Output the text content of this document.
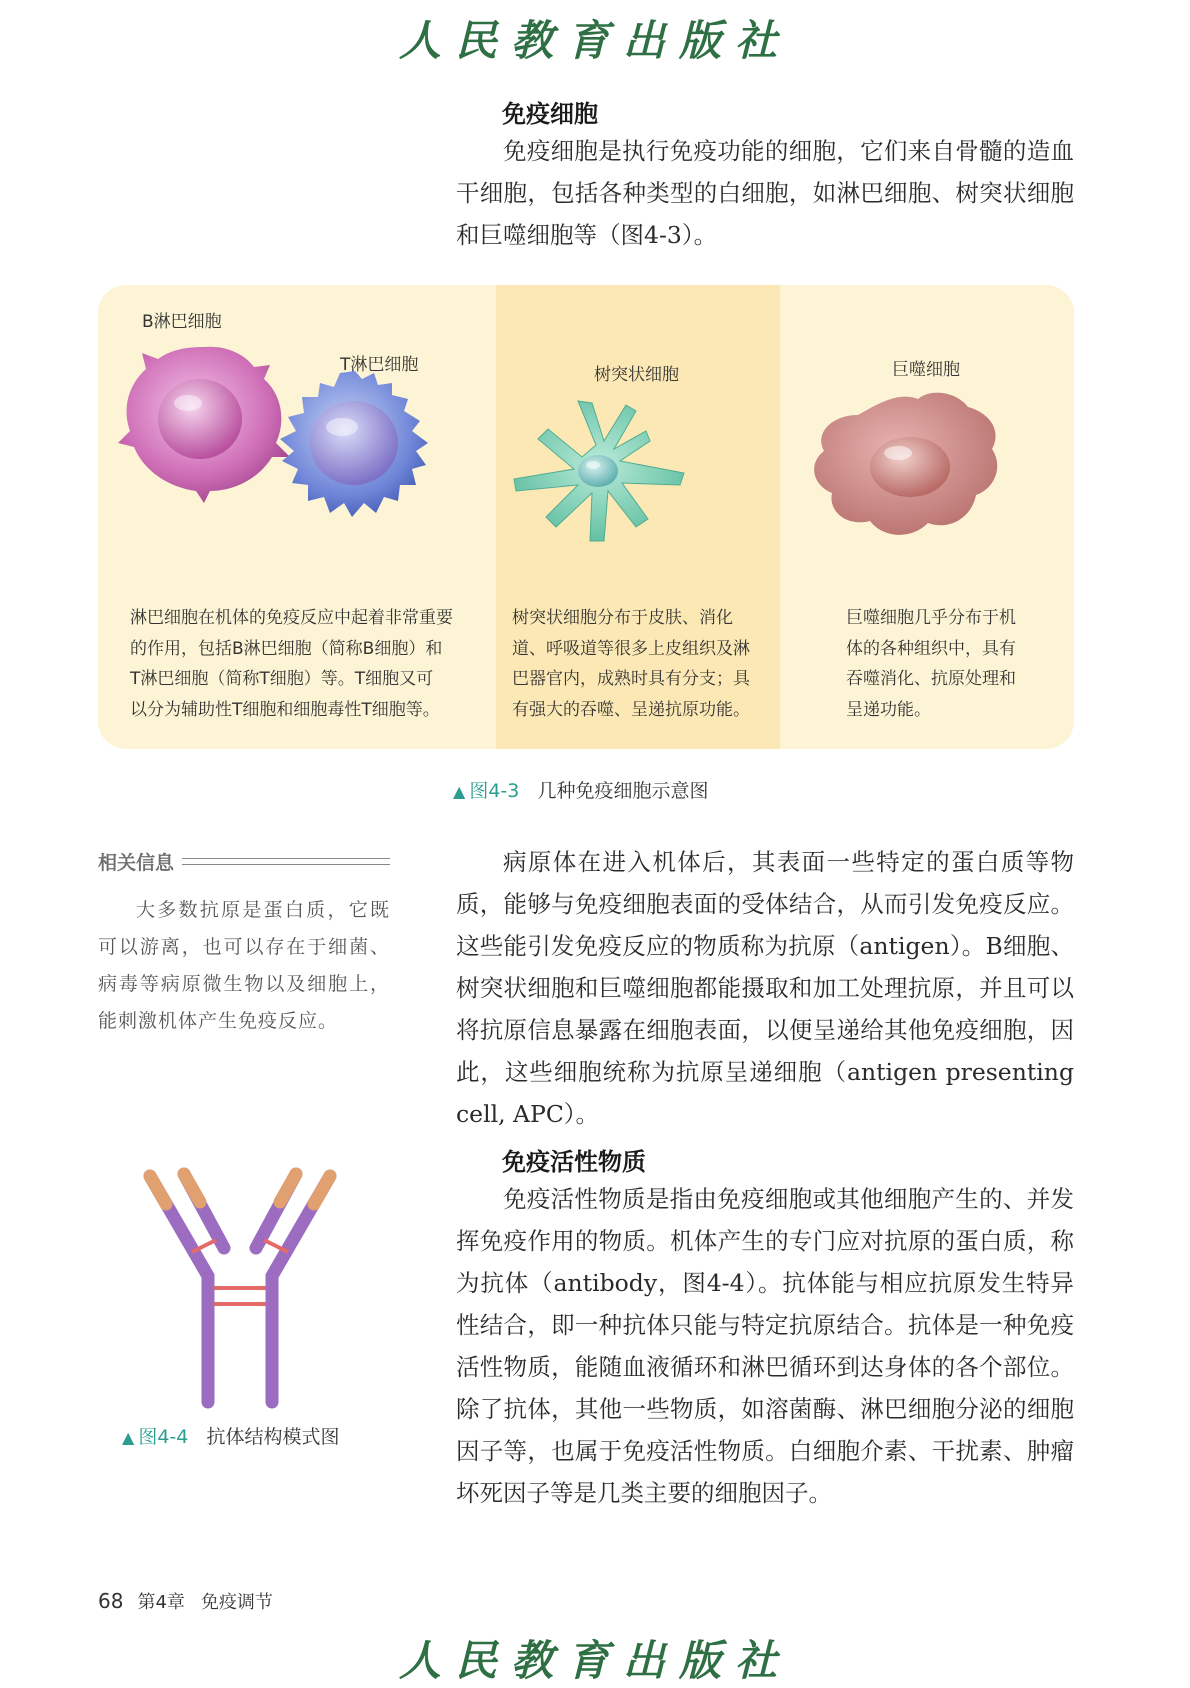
人民教育出版社
免疫细胞

免疫细胞是执行免疫功能的细胞，它们来自骨髓的造血干细胞，包括各种类型的白细胞，如淋巴细胞、树突状细胞和巨噬细胞等（图4-3）。

B淋巴细胞
T淋巴细胞	树突状细胞	巨噬细胞
淋巴细胞在机体的免疫反应中起着非常重要
的作用，包括B淋巴细胞（简称B细胞）和
T淋巴细胞（简称T细胞）等。T细胞又可
以分为辅助性T细胞和细胞毒性T细胞等。
树突状细胞分布于皮肤、消化
道、呼吸道等很多上皮组织及淋
巴器官内，成熟时具有分支；具
有强大的吞噬、呈递抗原功能。
巨噬细胞几乎分布于机
体的各种组织中，具有
吞噬消化、抗原处理和
呈递功能。
▲ 图4-3 几种免疫细胞示意图
相关信息

大多数抗原是蛋白质，它既可以游离，也可以存在于细菌、病毒等病原微生物以及细胞上，能刺激机体产生免疫反应。

病原体在进入机体后，其表面一些特定的蛋白质等物质，能够与免疫细胞表面的受体结合，从而引发免疫反应。这些能引发免疫反应的物质称为抗原（antigen）。B细胞、树突状细胞和巨噬细胞都能摄取和加工处理抗原，并且可以将抗原信息暴露在细胞表面，以便呈递给其他免疫细胞，因此，这些细胞统称为抗原呈递细胞（antigen presenting cell, APC）。

免疫活性物质

免疫活性物质是指由免疫细胞或其他细胞产生的、并发挥免疫作用的物质。机体产生的专门应对抗原的蛋白质，称为抗体（antibody，图4-4）。抗体能与相应抗原发生特异性结合，即一种抗体只能与特定抗原结合。抗体是一种免疫活性物质，能随血液循环和淋巴循环到达身体的各个部位。除了抗体，其他一些物质，如溶菌酶、淋巴细胞分泌的细胞因子等，也属于免疫活性物质。白细胞介素、干扰素、肿瘤坏死因子等是几类主要的细胞因子。

▲ 图4-4 抗体结构模式图
68 第4章 免疫调节
人民教育出版社
